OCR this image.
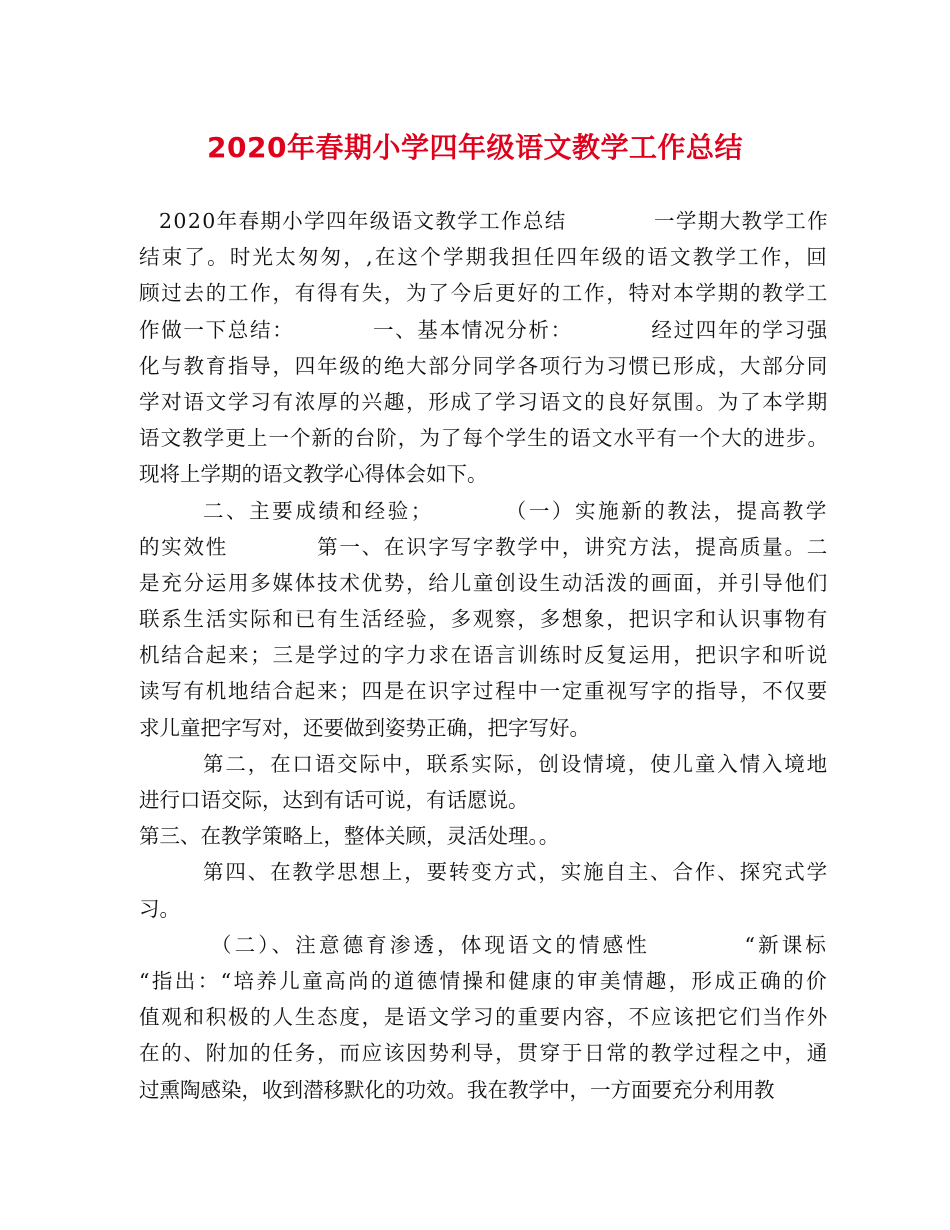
2020年春期小学四年级语文教学工作总结
2020年春期小学四年级语文教学工作总结　　　　一学期大教学工作
结束了。时光太匆匆，,在这个学期我担任四年级的语文教学工作，回
顾过去的工作，有得有失，为了今后更好的工作，特对本学期的教学工
作做一下总结：　　　　一、基本情况分析：　　　　经过四年的学习强
化与教育指导，四年级的绝大部分同学各项行为习惯已形成，大部分同
学对语文学习有浓厚的兴趣，形成了学习语文的良好氛围。为了本学期
语文教学更上一个新的台阶，为了每个学生的语文水平有一个大的进步。
现将上学期的语文教学心得体会如下。
二、主要成绩和经验；　　　　（一）实施新的教法，提高教学
的实效性　　　　第一、在识字写字教学中，讲究方法，提高质量。二
是充分运用多媒体技术优势，给儿童创设生动活泼的画面，并引导他们
联系生活实际和已有生活经验，多观察，多想象，把识字和认识事物有
机结合起来；三是学过的字力求在语言训练时反复运用，把识字和听说
读写有机地结合起来；四是在识字过程中一定重视写字的指导，不仅要
求儿童把字写对，还要做到姿势正确，把字写好。
第二，在口语交际中，联系实际，创设情境，使儿童入情入境地
进行口语交际，达到有话可说，有话愿说。
第三、在教学策略上，整体关顾，灵活处理。。
第四、在教学思想上，要转变方式，实施自主、合作、探究式学
习。
（二）、注意德育渗透，体现语文的情感性　　　　“新课标
“指出：“培养儿童高尚的道德情操和健康的审美情趣，形成正确的价
值观和积极的人生态度，是语文学习的重要内容，不应该把它们当作外
在的、附加的任务，而应该因势利导，贯穿于日常的教学过程之中，通
过熏陶感染，收到潜移默化的功效。我在教学中，一方面要充分利用教
